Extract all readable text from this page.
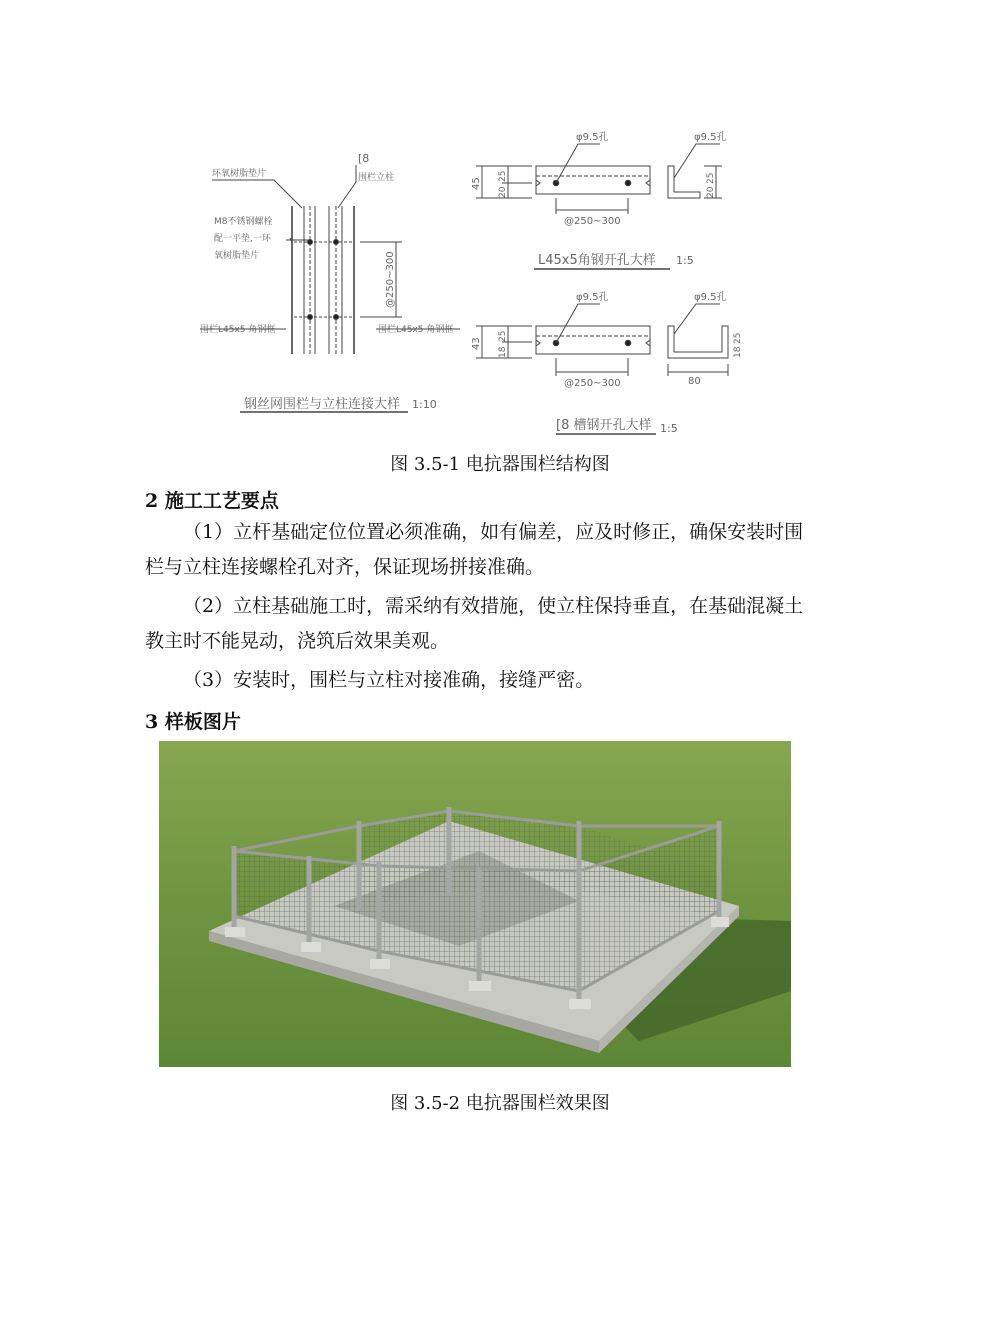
环氧树脂垫片
[8
围栏立柱
M8不锈钢螺栓
配一平垫,一环
氧树脂垫片	@250~300
围栏L45x5 角钢框	围栏L45x5 角钢框
钢丝网围栏与立柱连接大样 1:10
φ9.5孔	φ9.5孔
45
25
20
@250~300
25
20
L45x5角钢开孔大样 1:5
φ9.5孔	φ9.5孔
43
25
18
@250~300	80
25
18
[8 槽钢开孔大样 1:5
图 3.5-1 电抗器围栏结构图
2 施工工艺要点

（1）立杆基础定位位置必须准确，如有偏差，应及时修正，确保安装时围栏与立柱连接螺栓孔对齐，保证现场拼接准确。

（2）立柱基础施工时，需采纳有效措施，使立柱保持垂直，在基础混凝土教主时不能晃动，浇筑后效果美观。

（3）安装时，围栏与立柱对接准确，接缝严密。

3 样板图片
图 3.5-2 电抗器围栏效果图
